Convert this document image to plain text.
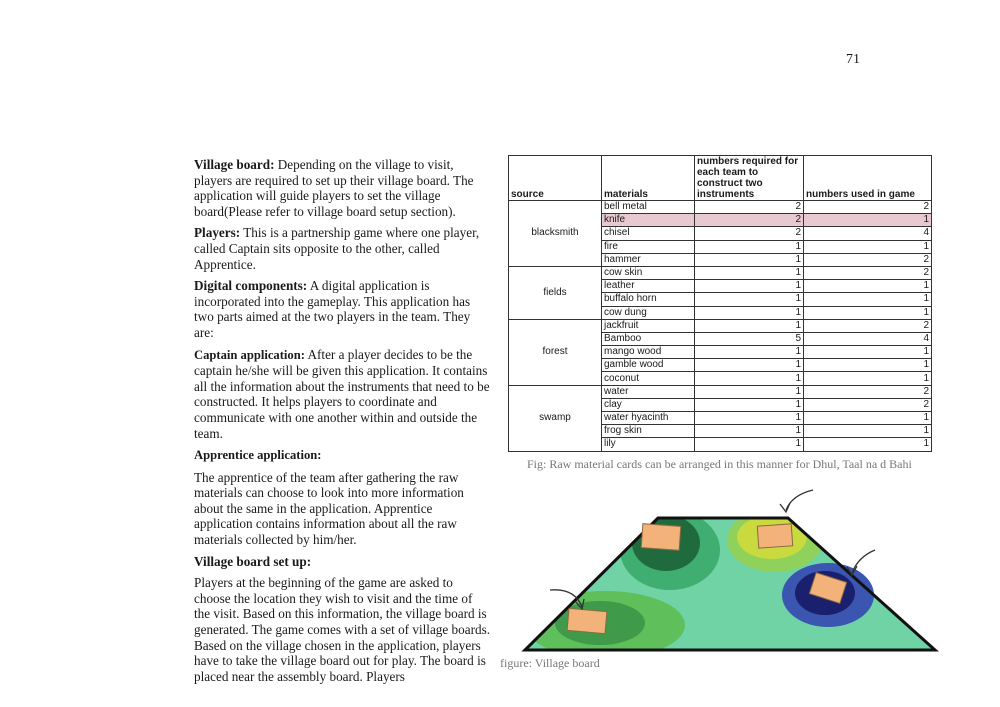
71

Village board: Depending on the village to visit, players are required to set up their village board. The application will guide players to set the village board(Please refer to village board setup section).

Players: This is a partnership game where one player, called Captain sits opposite to the other, called Apprentice.

Digital components: A digital application is incorporated into the gameplay. This application has two parts aimed at the two players in the team. They are:

Captain application: After a player decides to be the captain he/she will be given this application. It contains all the information about the instruments that need to be constructed. It helps players to coordinate and communicate with one another within and outside the team.

Apprentice application:

The apprentice of the team after gathering the raw materials can choose to look into more information about the same in the application. Apprentice application contains information about all the raw materials collected by him/her.

Village board set up:

Players at the beginning of the game are asked to choose the location they wish to visit and the time of the visit. Based on this information, the village board is generated. The game comes with a set of village boards. Based on the village chosen in the application, players have to take the village board out for play. The board is placed near the assembly board. Players

source	materials	numbers required for each team to construct two instruments	numbers used in game
blacksmith	bell metal	2	2
	knife	2	1
	chisel	2	4
	fire	1	1
	hammer	1	2
fields	cow skin	1	2
	leather	1	1
	buffalo horn	1	1
	cow dung	1	1
forest	jackfruit	1	2
	Bamboo	5	4
	mango wood	1	1
	gamble wood	1	1
	coconut	1	1
swamp	water	1	2
	clay	1	2
	water hyacinth	1	1
	frog skin	1	1
	lily	1	1
Fig: Raw material cards can be arranged in this manner for Dhul, Taal na d Bahi
figure: Village board
